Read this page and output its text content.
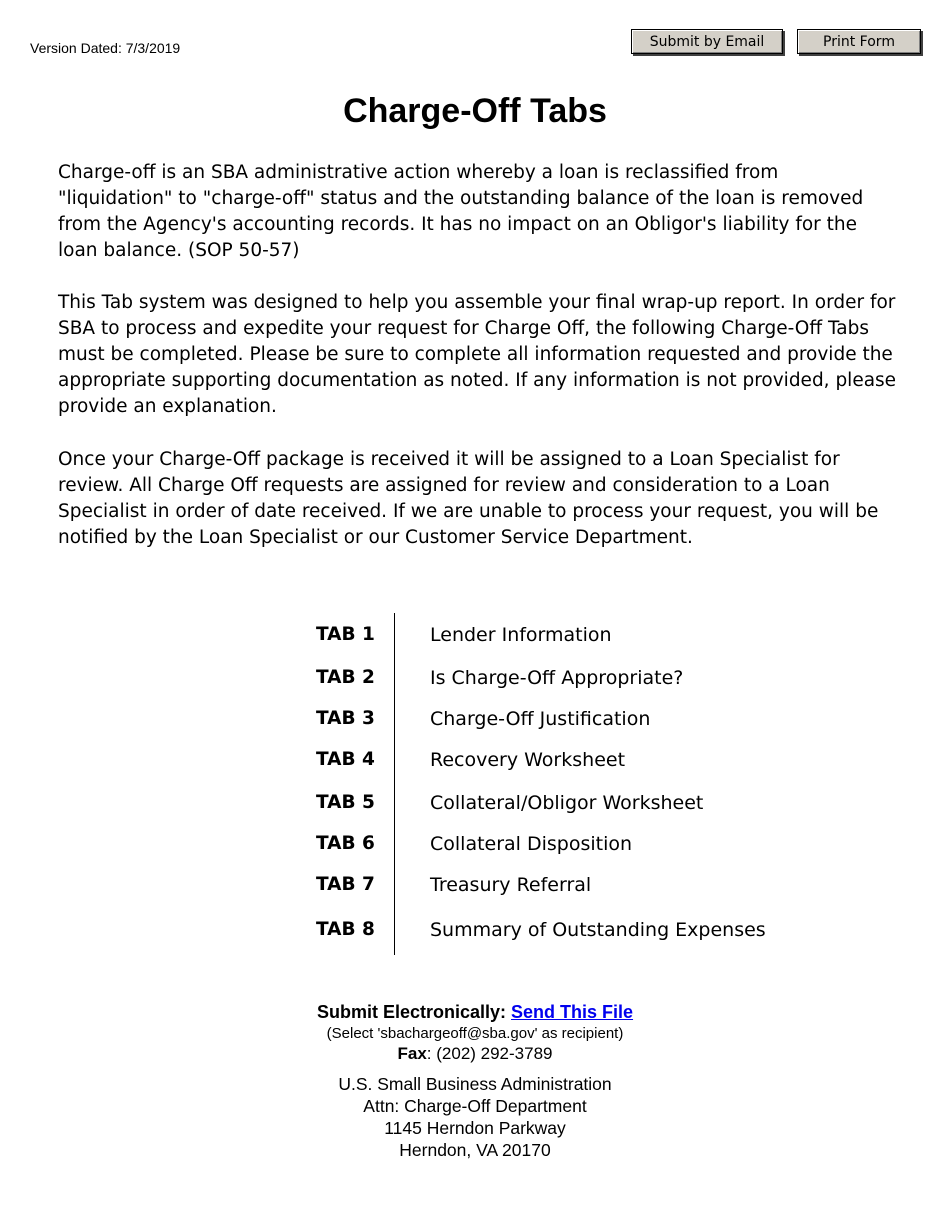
Version Dated: 7/3/2019	Submit by Email	Print Form
Charge-Off Tabs

Charge-off is an SBA administrative action whereby a loan is reclassified from "liquidation" to "charge-off" status and the outstanding balance of the loan is removed from the Agency's accounting records. It has no impact on an Obligor's liability for the loan balance. (SOP 50-57)

This Tab system was designed to help you assemble your final wrap-up report. In order for SBA to process and expedite your request for Charge Off, the following Charge-Off Tabs must be completed. Please be sure to complete all information requested and provide the appropriate supporting documentation as noted. If any information is not provided, please provide an explanation.

Once your Charge-Off package is received it will be assigned to a Loan Specialist for review. All Charge Off requests are assigned for review and consideration to a Loan Specialist in order of date received. If we are unable to process your request, you will be notified by the Loan Specialist or our Customer Service Department.

TAB 1	Lender Information
TAB 2	Is Charge-Off Appropriate?
TAB 3	Charge-Off Justification
TAB 4	Recovery Worksheet
TAB 5	Collateral/Obligor Worksheet
TAB 6	Collateral Disposition
TAB 7	Treasury Referral
TAB 8	Summary of Outstanding Expenses
Submit Electronically: Send This File
(Select 'sbachargeoff@sba.gov' as recipient)
Fax: (202) 292-3789
U.S. Small Business Administration
Attn: Charge-Off Department
1145 Herndon Parkway
Herndon, VA 20170
